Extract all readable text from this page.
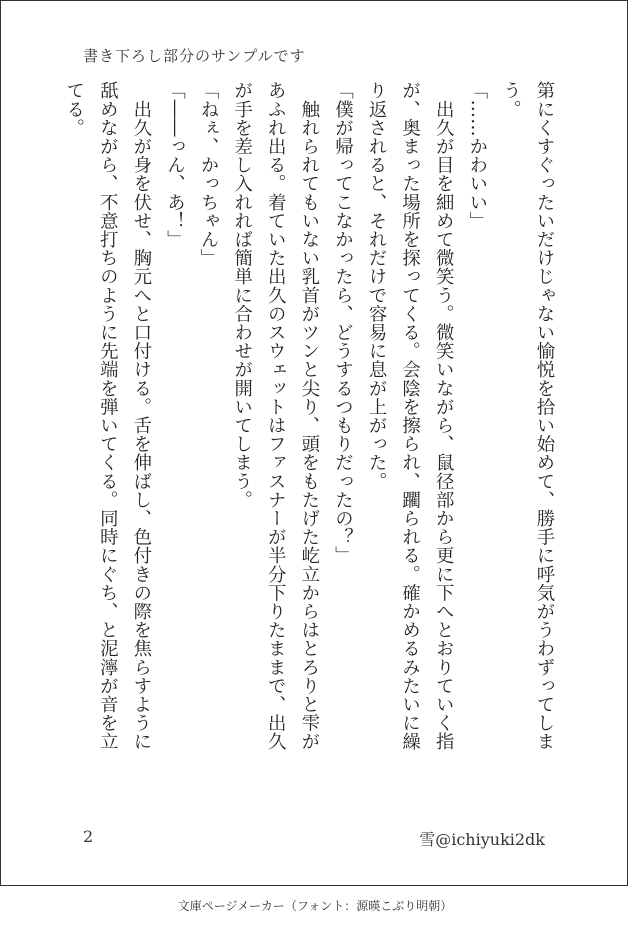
書き下ろし部分のサンプルです

第にくすぐったいだけじゃない愉悦を拾い始めて、勝手に呼気がうわずってしま

う。

「……かわいい」

　出久が目を細めて微笑う。微笑いながら、鼠径部から更に下へとおりていく指

が、奥まった場所を探ってくる。会陰を擦られ、躙られる。確かめるみたいに繰

り返されると、それだけで容易に息が上がった。

「僕が帰ってこなかったら、どうするつもりだったの？」

　触れられてもいない乳首がツンと尖り、頭をもたげた屹立からはとろりと雫が

あふれ出る。着ていた出久のスウェットはファスナーが半分下りたままで、出久

が手を差し入れれば簡単に合わせが開いてしまう。

「ねぇ、かっちゃん」

「――っん、あ！」

　出久が身を伏せ、胸元へと口付ける。舌を伸ばし、色付きの際を焦らすように

舐めながら、不意打ちのように先端を弾いてくる。同時にぐち、と泥濘が音を立

てる。

2	雪@ichiyuki2dk
文庫ページメーカー（フォント：源暎こぶり明朝）
